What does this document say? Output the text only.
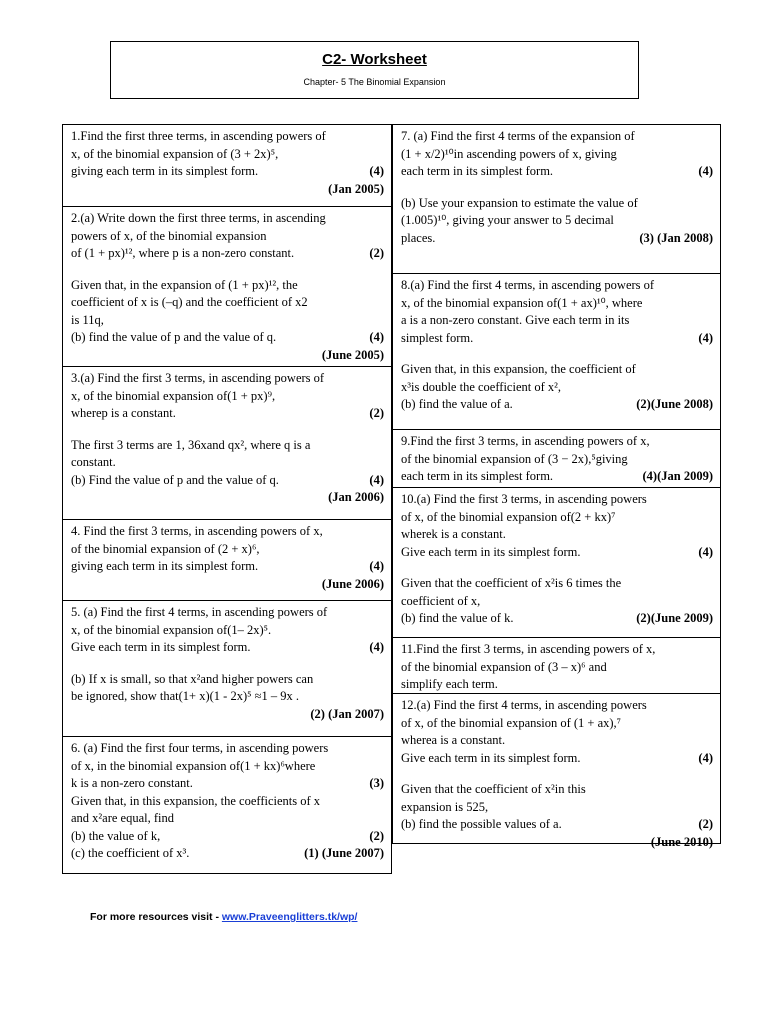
C2- Worksheet
Chapter- 5 The Binomial Expansion

1.Find the first three terms, in ascending powers of

x, of the binomial expansion of (3 + 2x)⁵,

giving each term in its simplest form.	(4)
(Jan 2005)

2.(a) Write down the first three terms, in ascending

powers of x, of the binomial expansion

of (1 + px)¹², where p is a non-zero constant.	(2)

Given that, in the expansion of (1 + px)¹², the

coefficient of x is (–q) and the coefficient of x2

is 11q,

(b) find the value of p and the value of q.	(4)
(June 2005)

3.(a) Find the first 3 terms, in ascending powers of

x, of the binomial expansion of(1 + px)⁹,

wherep is a constant.	(2)

The first 3 terms are 1, 36xand qx², where q is a

constant.

(b) Find the value of p and the value of q.	(4)
(Jan 2006)

4. Find the first 3 terms, in ascending powers of x,

of the binomial expansion of (2 + x)⁶,

giving each term in its simplest form.	(4)
(June 2006)

5. (a) Find the first 4 terms, in ascending powers of

x, of the binomial expansion of(1– 2x)⁵.

Give each term in its simplest form.	(4)

(b) If x is small, so that x²and higher powers can

be ignored, show that(1+ x)(1 - 2x)⁵ ≈1 – 9x .

(2) (Jan 2007)

6. (a) Find the first four terms, in ascending powers

of x, in the binomial expansion of(1 + kx)⁶where

k is a non-zero constant.	(3)

Given that, in this expansion, the coefficients of x

and x²are equal, find

(b) the value of k,	(2)
(c) the coefficient of x³.	(1) (June 2007)

7. (a) Find the first 4 terms of the expansion of

(1 + x/2)¹⁰in ascending powers of x, giving

each term in its simplest form.	(4)

(b) Use your expansion to estimate the value of

(1.005)¹⁰, giving your answer to 5 decimal

places.	(3) (Jan 2008)

8.(a) Find the first 4 terms, in ascending powers of

x, of the binomial expansion of(1 + ax)¹⁰, where

a is a non-zero constant. Give each term in its

simplest form.	(4)

Given that, in this expansion, the coefficient of

x³is double the coefficient of x²,

(b) find the value of a.	(2)(June 2008)

9.Find the first 3 terms, in ascending powers of x,

of the binomial expansion of (3 − 2x),⁵giving

each term in its simplest form.	(4)(Jan 2009)

10.(a) Find the first 3 terms, in ascending powers

of x, of the binomial expansion of(2 + kx)⁷

wherek is a constant.

Give each term in its simplest form.	(4)

Given that the coefficient of x²is 6 times the

coefficient of x,

(b) find the value of k.	(2)(June 2009)

11.Find the first 3 terms, in ascending powers of x,

of the binomial expansion of (3 – x)⁶ and

simplify each term.

12.(a) Find the first 4 terms, in ascending powers

of x, of the binomial expansion of (1 + ax),⁷

wherea is a constant.

Give each term in its simplest form.	(4)

Given that the coefficient of x²in this

expansion is 525,

(b) find the possible values of a.	(2)
(June 2010)
For more resources visit - www.Praveenglitters.tk/wp/
